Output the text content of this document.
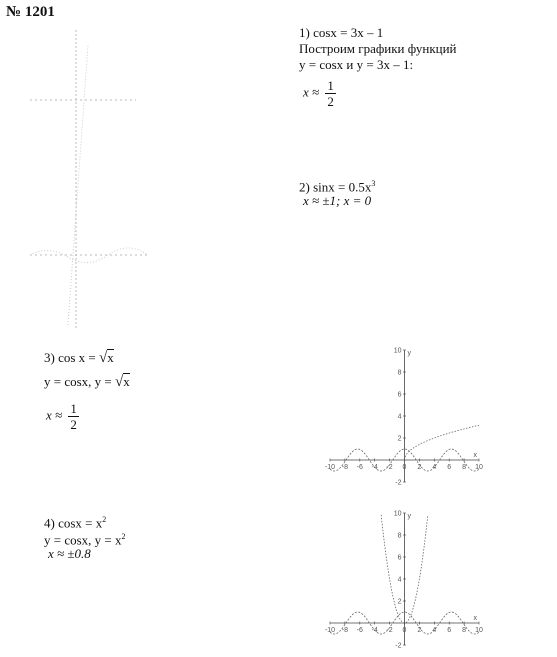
№ 1201
1) cosx = 3x – 1
Построим графики функций
y = cosx и y = 3x – 1:
$x \approx \frac{1}{2}$
2) $\sin x = 0.5x^3$
x ≈ ±1; x = 0
3) cos x = √x
y = cosx, y = √x
$x \approx \frac{1}{2}$
4) $\cos x = x^2$
y = cosx, $y = x^2$
x ≈ ±0.8
-10 -8 -6 -4 -2 0 2 4 6 8 10
10
8
6
4
2
-2
x
y
-10 -8 -6 -4 -2 0 2 4 6 8 10
10
8
6
4
2
-2
x
y
